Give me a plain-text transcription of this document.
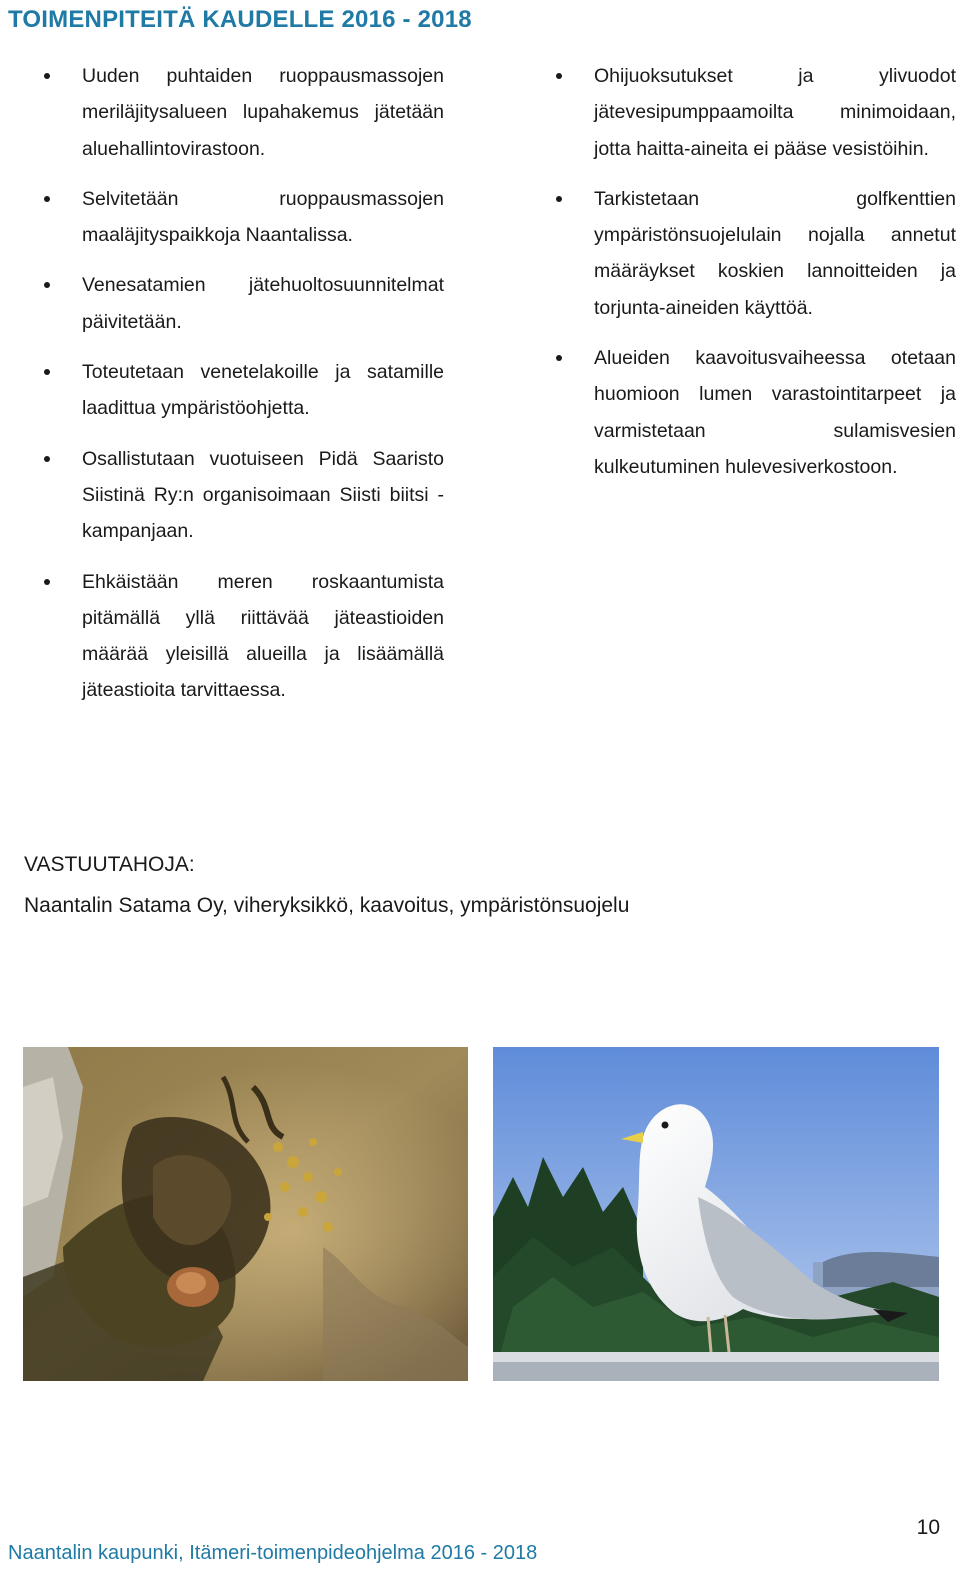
TOIMENPITEITÄ KAUDELLE 2016 - 2018
Uuden puhtaiden ruoppausmassojen meriläjitysalueen lupahakemus jätetään aluehallintovirastoon.
Selvitetään ruoppausmassojen maaläjityspaikkoja Naantalissa.
Venesatamien jätehuoltosuunnitelmat päivitetään.
Toteutetaan venetelakoille ja satamille laadittua ympäristöohjetta.
Osallistutaan vuotuiseen Pidä Saaristo Siistinä Ry:n organisoimaan Siisti biitsi -kampanjaan.
Ehkäistään meren roskaantumista pitämällä yllä riittävää jäteastioiden määrää yleisillä alueilla ja lisäämällä jäteastioita tarvittaessa.
Ohijuoksutukset ja ylivuodot jätevesipumppaamoilta minimoidaan, jotta haitta-aineita ei pääse vesistöihin.
Tarkistetaan golfkenttien ympäristönsuojelulain nojalla annetut määräykset koskien lannoitteiden ja torjunta-aineiden käyttöä.
Alueiden kaavoitusvaiheessa otetaan huomioon lumen varastointitarpeet ja varmistetaan sulamisvesien kulkeutuminen hulevesiverkostoon.
VASTUUTAHOJA:
Naantalin Satama Oy, viheryksikkö, kaavoitus, ympäristönsuojelu
10
Naantalin kaupunki, Itämeri-toimenpideohjelma 2016 - 2018
